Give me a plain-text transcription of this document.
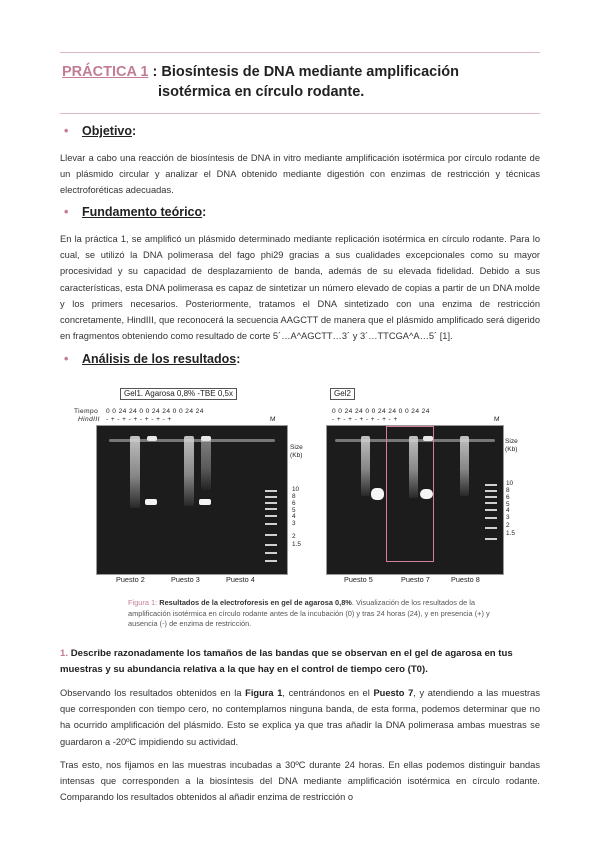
PRÁCTICA 1 : Biosíntesis de DNA mediante amplificación
isotérmica en círculo rodante.
• Objetivo:
Llevar a cabo una reacción de biosíntesis de DNA in vitro mediante amplificación isotérmica por círculo rodante de un plásmido circular y analizar el DNA obtenido mediante digestión con enzimas de restricción y técnicas electroforéticas adecuadas.
• Fundamento teórico:
En la práctica 1, se amplificó un plásmido determinado mediante replicación isotérmica en círculo rodante. Para lo cual, se utilizó la DNA polimerasa del fago phi29 gracias a sus cualidades excepcionales como su mayor procesividad y su capacidad de desplazamiento de banda, además de su elevada fidelidad. Debido a sus características, esta DNA polimerasa es capaz de sintetizar un número elevado de copias a partir de un DNA molde y los primers necesarios. Posteriormente, tratamos el DNA sintetizado con una enzima de restricción concretamente, HindIII, que reconocerá la secuencia AAGCTT de manera que el plásmido amplificado será digerido en fragmentos obteniendo como resultado de corte 5´…A^AGCTT…3´ y 3´…TTCGA^A…5´ [1].
• Análisis de los resultados:
Gel1. Agarosa 0,8% -TBE 0,5x
Tiempo 0 0 24 24 0 0 24 24 0 0 24 24
HindIII - + - + - + - + - + - +	M
Size
(Kb)
10
8
6
5
4
3
2
1.5
Puesto 2	Puesto 3	Puesto 4
Gel2
0 0 24 24 0 0 24 24 0 0 24 24
- + - + - + - + - + - +	M
Size
(Kb)
10
8
6
5
4
3
2
1.5
Puesto 5	Puesto 7	Puesto 8
Figura 1: Resultados de la electroforesis en gel de agarosa 0,8%. Visualización de los resultados de la amplificación isotérmica en círculo rodante antes de la incubación (0) y tras 24 horas (24), y en presencia (+) y ausencia (-) de enzima de restricción.
1. Describe razonadamente los tamaños de las bandas que se observan en el gel de agarosa en tus muestras y su abundancia relativa a la que hay en el control de tiempo cero (T0).
Observando los resultados obtenidos en la Figura 1, centrándonos en el Puesto 7, y atendiendo a las muestras que corresponden con tiempo cero, no contemplamos ninguna banda, de esta forma, podemos determinar que no ha ocurrido amplificación del plásmido. Esto se explica ya que tras añadir la DNA polimerasa ambas muestras se guardaron a -20ºC impidiendo su actividad.
Tras esto, nos fijamos en las muestras incubadas a 30ºC durante 24 horas. En ellas podemos distinguir bandas intensas que corresponden a la biosíntesis del DNA mediante amplificación isotérmica en círculo rodante. Comparando los resultados obtenidos al añadir enzima de restricción o
